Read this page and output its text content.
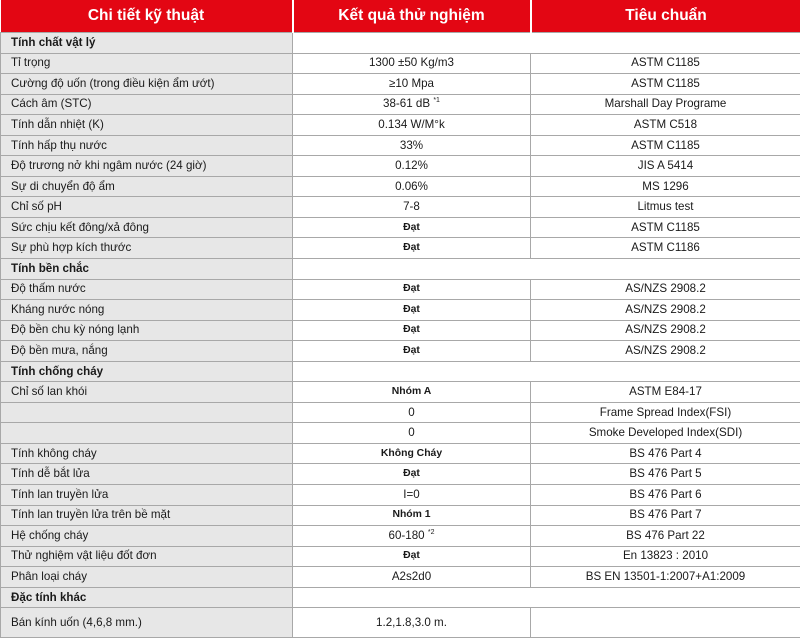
Chi tiết kỹ thuật	Kết quả thử nghiệm	Tiêu chuẩn
Tính chất vật lý		
Tỉ trọng	1300 ±50 Kg/m3	ASTM C1185
Cường độ uốn (trong điều kiện ẩm ướt)	≥10 Mpa	ASTM C1185
Cách âm (STC)	38-61 dB $^{*1}$	Marshall Day Programe
Tính dẫn nhiệt (K)	0.134 W/M°k	ASTM C518
Tính hấp thụ nước	33%	ASTM C1185
Độ trương nở khi ngâm nước (24 giờ)	0.12%	JIS A 5414
Sự di chuyển độ ẩm	0.06%	MS 1296
Chỉ số pH	7-8	Litmus test
Sức chịu kết đông/xả đông	Đạt	ASTM C1185
Sự phù hợp kích thước	Đạt	ASTM C1186
Tính bền chắc		
Độ thấm nước	Đạt	AS/NZS 2908.2
Kháng nước nóng	Đạt	AS/NZS 2908.2
Độ bền chu kỳ nóng lạnh	Đạt	AS/NZS 2908.2
Độ bền mưa, nắng	Đạt	AS/NZS 2908.2
Tính chống cháy		
Chỉ số lan khói	Nhóm A	ASTM E84-17
	0	Frame Spread Index(FSI)
	0	Smoke Developed Index(SDI)
Tính không cháy	Không Cháy	BS 476 Part 4
Tính dễ bắt lửa	Đạt	BS 476 Part 5
Tính lan truyền lửa	I=0	BS 476 Part 6
Tính lan truyền lửa trên bề mặt	Nhóm 1	BS 476 Part 7
Hệ chống cháy	60-180 $^{*2}$	BS 476 Part 22
Thử nghiệm vật liệu đốt đơn	Đạt	En 13823 : 2010
Phân loại cháy	A2s2d0	BS EN 13501-1:2007+A1:2009
Đặc tính khác		
Bán kính uốn (4,6,8 mm.)	1.2,1.8,3.0 m.	
